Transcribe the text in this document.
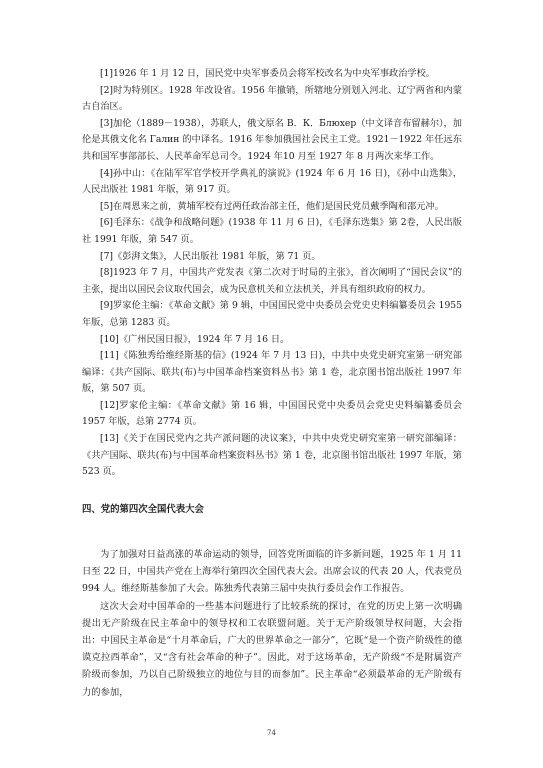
[1]1926 年 1 月 12 日，国民党中央军事委员会将军校改名为中央军事政治学校。

[2]时为特别区。1928 年改设省。1956 年撤销，所辖地分别划入河北、辽宁两省和内蒙古自治区。

[3]加伦（1889－1938），苏联人，俄文原名 В．К．Блюхер（中文译音布留赫尔），加伦是其俄文化名 Галин 的中译名。1916 年参加俄国社会民主工党。1921－1922 年任远东共和国军事部部长、人民革命军总司令。1924 年10 月至 1927 年 8 月两次来华工作。

[4]孙中山：《在陆军军官学校开学典礼的演说》(1924 年 6 月 16 日)，《孙中山选集》，人民出版社 1981 年版，第 917 页。

[5]在周恩来之前，黄埔军校有过两任政治部主任，他们是国民党员戴季陶和邵元冲。

[6]毛泽东：《战争和战略问题》(1938 年 11 月 6 日)，《毛泽东选集》第 2卷，人民出版社 1991 年版，第 547 页。

[7]《彭湃文集》，人民出版社 1981 年版，第 71 页。

[8]1923 年 7 月，中国共产党发表《第二次对于时局的主张》，首次阐明了“国民会议”的主张，提出以国民会议取代国会，成为民意机关和立法机关，并具有组织政府的权力。

[9]罗家伦主编：《革命文献》第 9 辑，中国国民党中央委员会党史史料编纂委员会 1955 年版，总第 1283 页。

[10]《广州民国日报》，1924 年 7 月 16 日。

[11]《陈独秀给维经斯基的信》(1924 年 7 月 13 日)，中共中央党史研究室第一研究部编译：《共产国际、联共(布)与中国革命档案资料丛书》第 1 卷，北京图书馆出版社 1997 年版，第 507 页。

[12]罗家伦主编：《革命文献》第 16 辑，中国国民党中央委员会党史史料编纂委员会 1957 年版，总第 2774 页。

[13]《关于在国民党内之共产派问题的决议案》，中共中央党史研究室第一研究部编译：《共产国际、联共(布)与中国革命档案资料丛书》第 1 卷，北京图书馆出版社 1997 年版，第 523 页。

四、党的第四次全国代表大会

为了加强对日益高涨的革命运动的领导，回答党所面临的许多新问题，1925 年 1 月 11 日至 22 日，中国共产党在上海举行第四次全国代表大会。出席会议的代表 20 人，代表党员 994 人。维经斯基参加了大会。陈独秀代表第三届中央执行委员会作工作报告。

这次大会对中国革命的一些基本问题进行了比较系统的探讨，在党的历史上第一次明确提出无产阶级在民主革命中的领导权和工农联盟问题。关于无产阶级领导权问题，大会指出：中国民主革命是“十月革命后，广大的世界革命之一部分”，它既“是一个资产阶级性的德谟克拉西革命”，又“含有社会革命的种子”。因此，对于这场革命，无产阶级“不是附属资产阶级而参加，乃以自己阶级独立的地位与目的而参加”。民主革命“必须最革命的无产阶级有力的参加，

74
